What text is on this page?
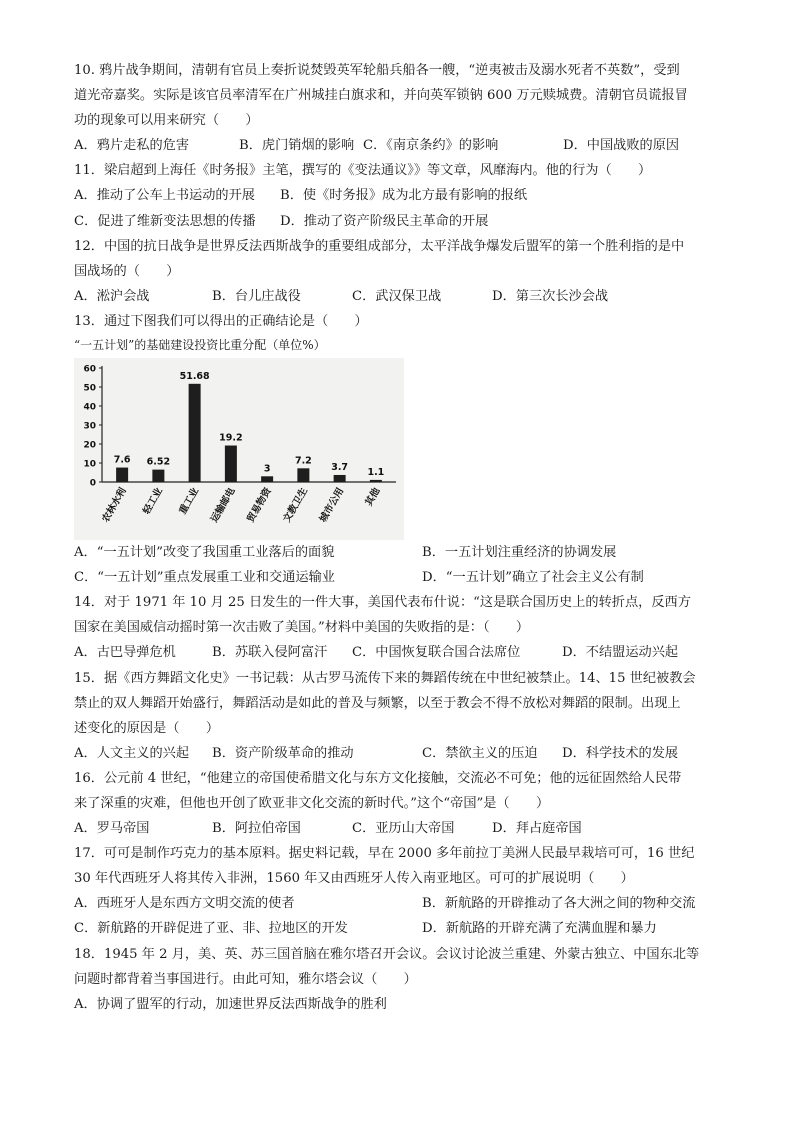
10. 鸦片战争期间，清朝有官员上奏折说焚毁英军轮船兵船各一艘，“逆夷被击及溺水死者不英数”，受到
道光帝嘉奖。实际是该官员率清军在广州城挂白旗求和，并向英军锁钠 600 万元赎城费。清朝官员谎报冒
功的现象可以用来研究（　　）
A．鸦片走私的危害	B．虎门销烟的影响 C．《南京条约》的影响	D．中国战败的原因
11．梁启超到上海任《时务报》主笔，撰写的《变法通议》》等文章，风靡海内。他的行为（　　）
A．推动了公车上书运动的开展	B．使《时务报》成为北方最有影响的报纸
C．促进了维新变法思想的传播	D．推动了资产阶级民主革命的开展
12．中国的抗日战争是世界反法西斯战争的重要组成部分，太平洋战争爆发后盟军的第一个胜利指的是中
国战场的（　　）
A．淞沪会战	B．台儿庄战役	C．武汉保卫战	D．第三次长沙会战
13．通过下图我们可以得出的正确结论是（　　）
“一五计划”的基础建设投资比重分配（单位%）
0
10
20
30
40
50
60
7.6
农林水利
6.52
轻工业
51.68
重工业
19.2
运输邮电
3
贸易物资
7.2
文教卫生
3.7
城市公用
1.1
其他
A．“一五计划”改变了我国重工业落后的面貌	B．一五计划注重经济的协调发展
C．“一五计划”重点发展重工业和交通运输业	D．“一五计划”确立了社会主义公有制
14．对于 1971 年 10 月 25 日发生的一件大事，美国代表布什说：“这是联合国历史上的转折点，反西方
国家在美国威信动摇时第一次击败了美国。”材料中美国的失败指的是：（　　）
A．古巴导弹危机	B．苏联入侵阿富汗	C．中国恢复联合国合法席位	D．不结盟运动兴起
15．据《西方舞蹈文化史》一书记载：从古罗马流传下来的舞蹈传统在中世纪被禁止。14、15 世纪被教会
禁止的双人舞蹈开始盛行，舞蹈活动是如此的普及与频繁，以至于教会不得不放松对舞蹈的限制。出现上
述变化的原因是（　　）
A．人文主义的兴起	B．资产阶级革命的推动	C．禁欲主义的压迫	D．科学技术的发展
16．公元前 4 世纪，“他建立的帝国使希腊文化与东方文化接触，交流必不可免；他的远征固然给人民带
来了深重的灾难，但他也开创了欧亚非文化交流的新时代。”这个“帝国”是（　　）
A．罗马帝国	B．阿拉伯帝国	C．亚历山大帝国	D．拜占庭帝国
17．可可是制作巧克力的基本原料。据史料记载，早在 2000 多年前拉丁美洲人民最早栽培可可，16 世纪
30 年代西班牙人将其传入非洲，1560 年又由西班牙人传入南亚地区。可可的扩展说明（　　）
A．西班牙人是东西方文明交流的使者	B．新航路的开辟推动了各大洲之间的物种交流
C．新航路的开辟促进了亚、非、拉地区的开发	D．新航路的开辟充满了充满血腥和暴力
18．1945 年 2 月，美、英、苏三国首脑在雅尔塔召开会议。会议讨论波兰重建、外蒙古独立、中国东北等
问题时都背着当事国进行。由此可知，雅尔塔会议（　　）
A．协调了盟军的行动，加速世界反法西斯战争的胜利
